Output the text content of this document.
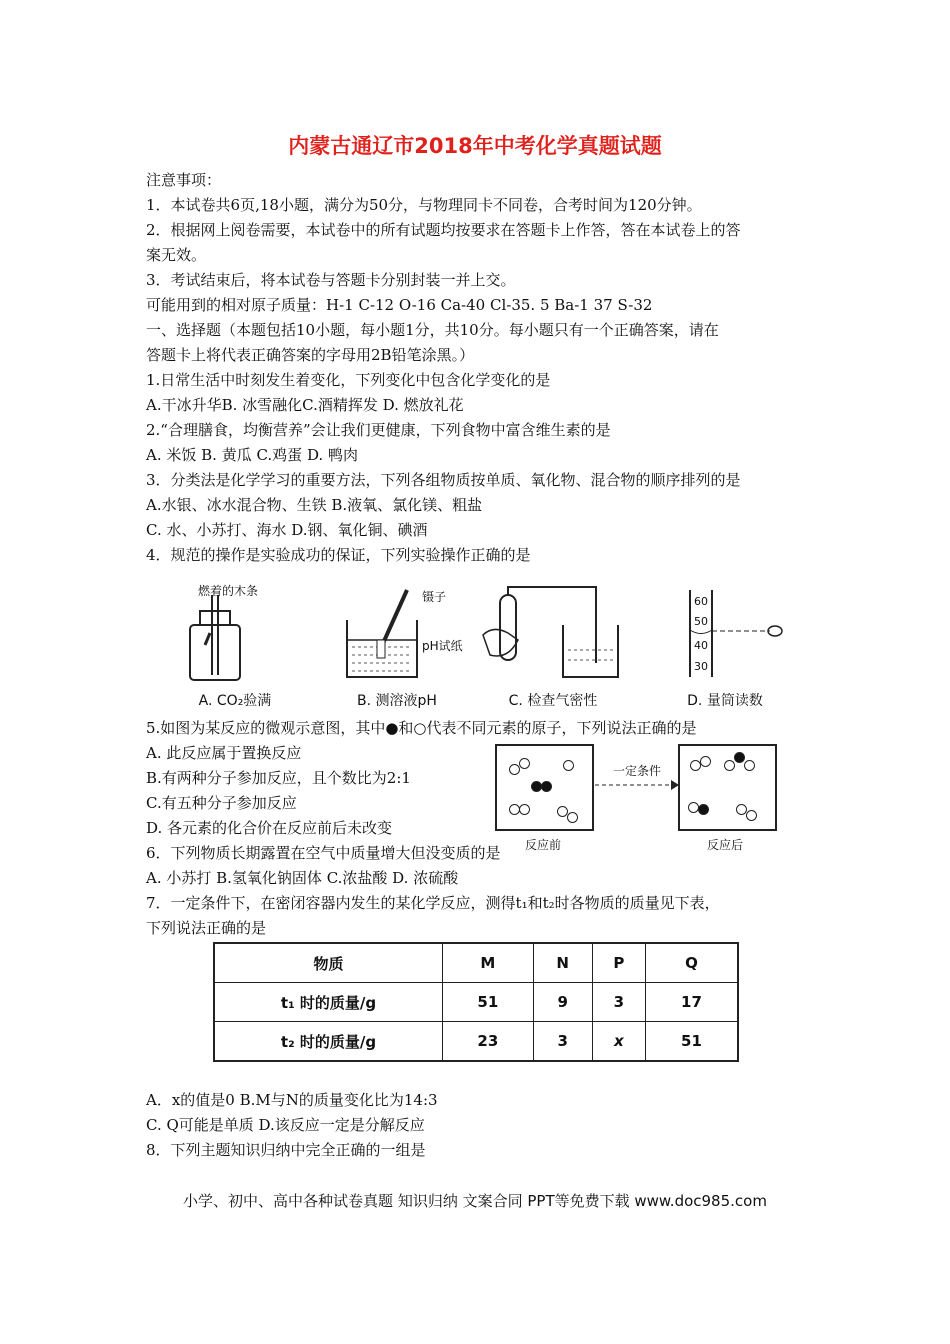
内蒙古通辽市2018年中考化学真题试题
注意事项：
1．本试卷共6页,18小题，满分为50分，与物理同卡不同卷，合考时间为120分钟。
2．根据网上阅卷需要，本试卷中的所有试题均按要求在答题卡上作答，答在本试卷上的答
案无效。
3．考试结束后，将本试卷与答题卡分别封装一并上交。
可能用到的相对原子质量：H-1 C-12 O-16 Ca-40 Cl-35. 5 Ba-1 37 S-32
一、选择题（本题包括10小题，每小题1分，共10分。每小题只有一个正确答案，请在
答题卡上将代表正确答案的字母用2B铅笔涂黑。）
1.日常生活中时刻发生着变化，下列变化中包含化学变化的是
A.干冰升华B. 冰雪融化C.酒精挥发 D. 燃放礼花
2.“合理膳食，均衡营养”会让我们更健康，下列食物中富含维生素的是
A. 米饭 B. 黄瓜 C.鸡蛋 D. 鸭肉
3．分类法是化学学习的重要方法，下列各组物质按单质、氧化物、混合物的顺序排列的是
A.水银、冰水混合物、生铁 B.液氧、氯化镁、粗盐
C. 水、小苏打、海水 D.钢、氧化铜、碘酒
4．规范的操作是实验成功的保证，下列实验操作正确的是
燃着的木条
A. CO₂验满
镊子
pH试纸
B. 测溶液pH	C. 检查气密性
60
50
40
30
D. 量筒读数
5.如图为某反应的微观示意图，其中●和○代表不同元素的原子，下列说法正确的是
A. 此反应属于置换反应
B.有两种分子参加反应，且个数比为2:1
C.有五种分子参加反应
D. 各元素的化合价在反应前后未改变
一定条件
反应前	反应后
6．下列物质长期露置在空气中质量增大但没变质的是
A. 小苏打 B.氢氧化钠固体 C.浓盐酸 D. 浓硫酸
7．一定条件下，在密闭容器内发生的某化学反应，测得t₁和t₂时各物质的质量见下表，
下列说法正确的是
物质	M	N	P	Q
t₁ 时的质量/g	51	9	3	17
t₂ 时的质量/g	23	3	x	51
A．x的值是0 B.M与N的质量变化比为14:3
C. Q可能是单质 D.该反应一定是分解反应
8．下列主题知识归纳中完全正确的一组是
小学、初中、高中各种试卷真题 知识归纳 文案合同 PPT等免费下载 www.doc985.com
